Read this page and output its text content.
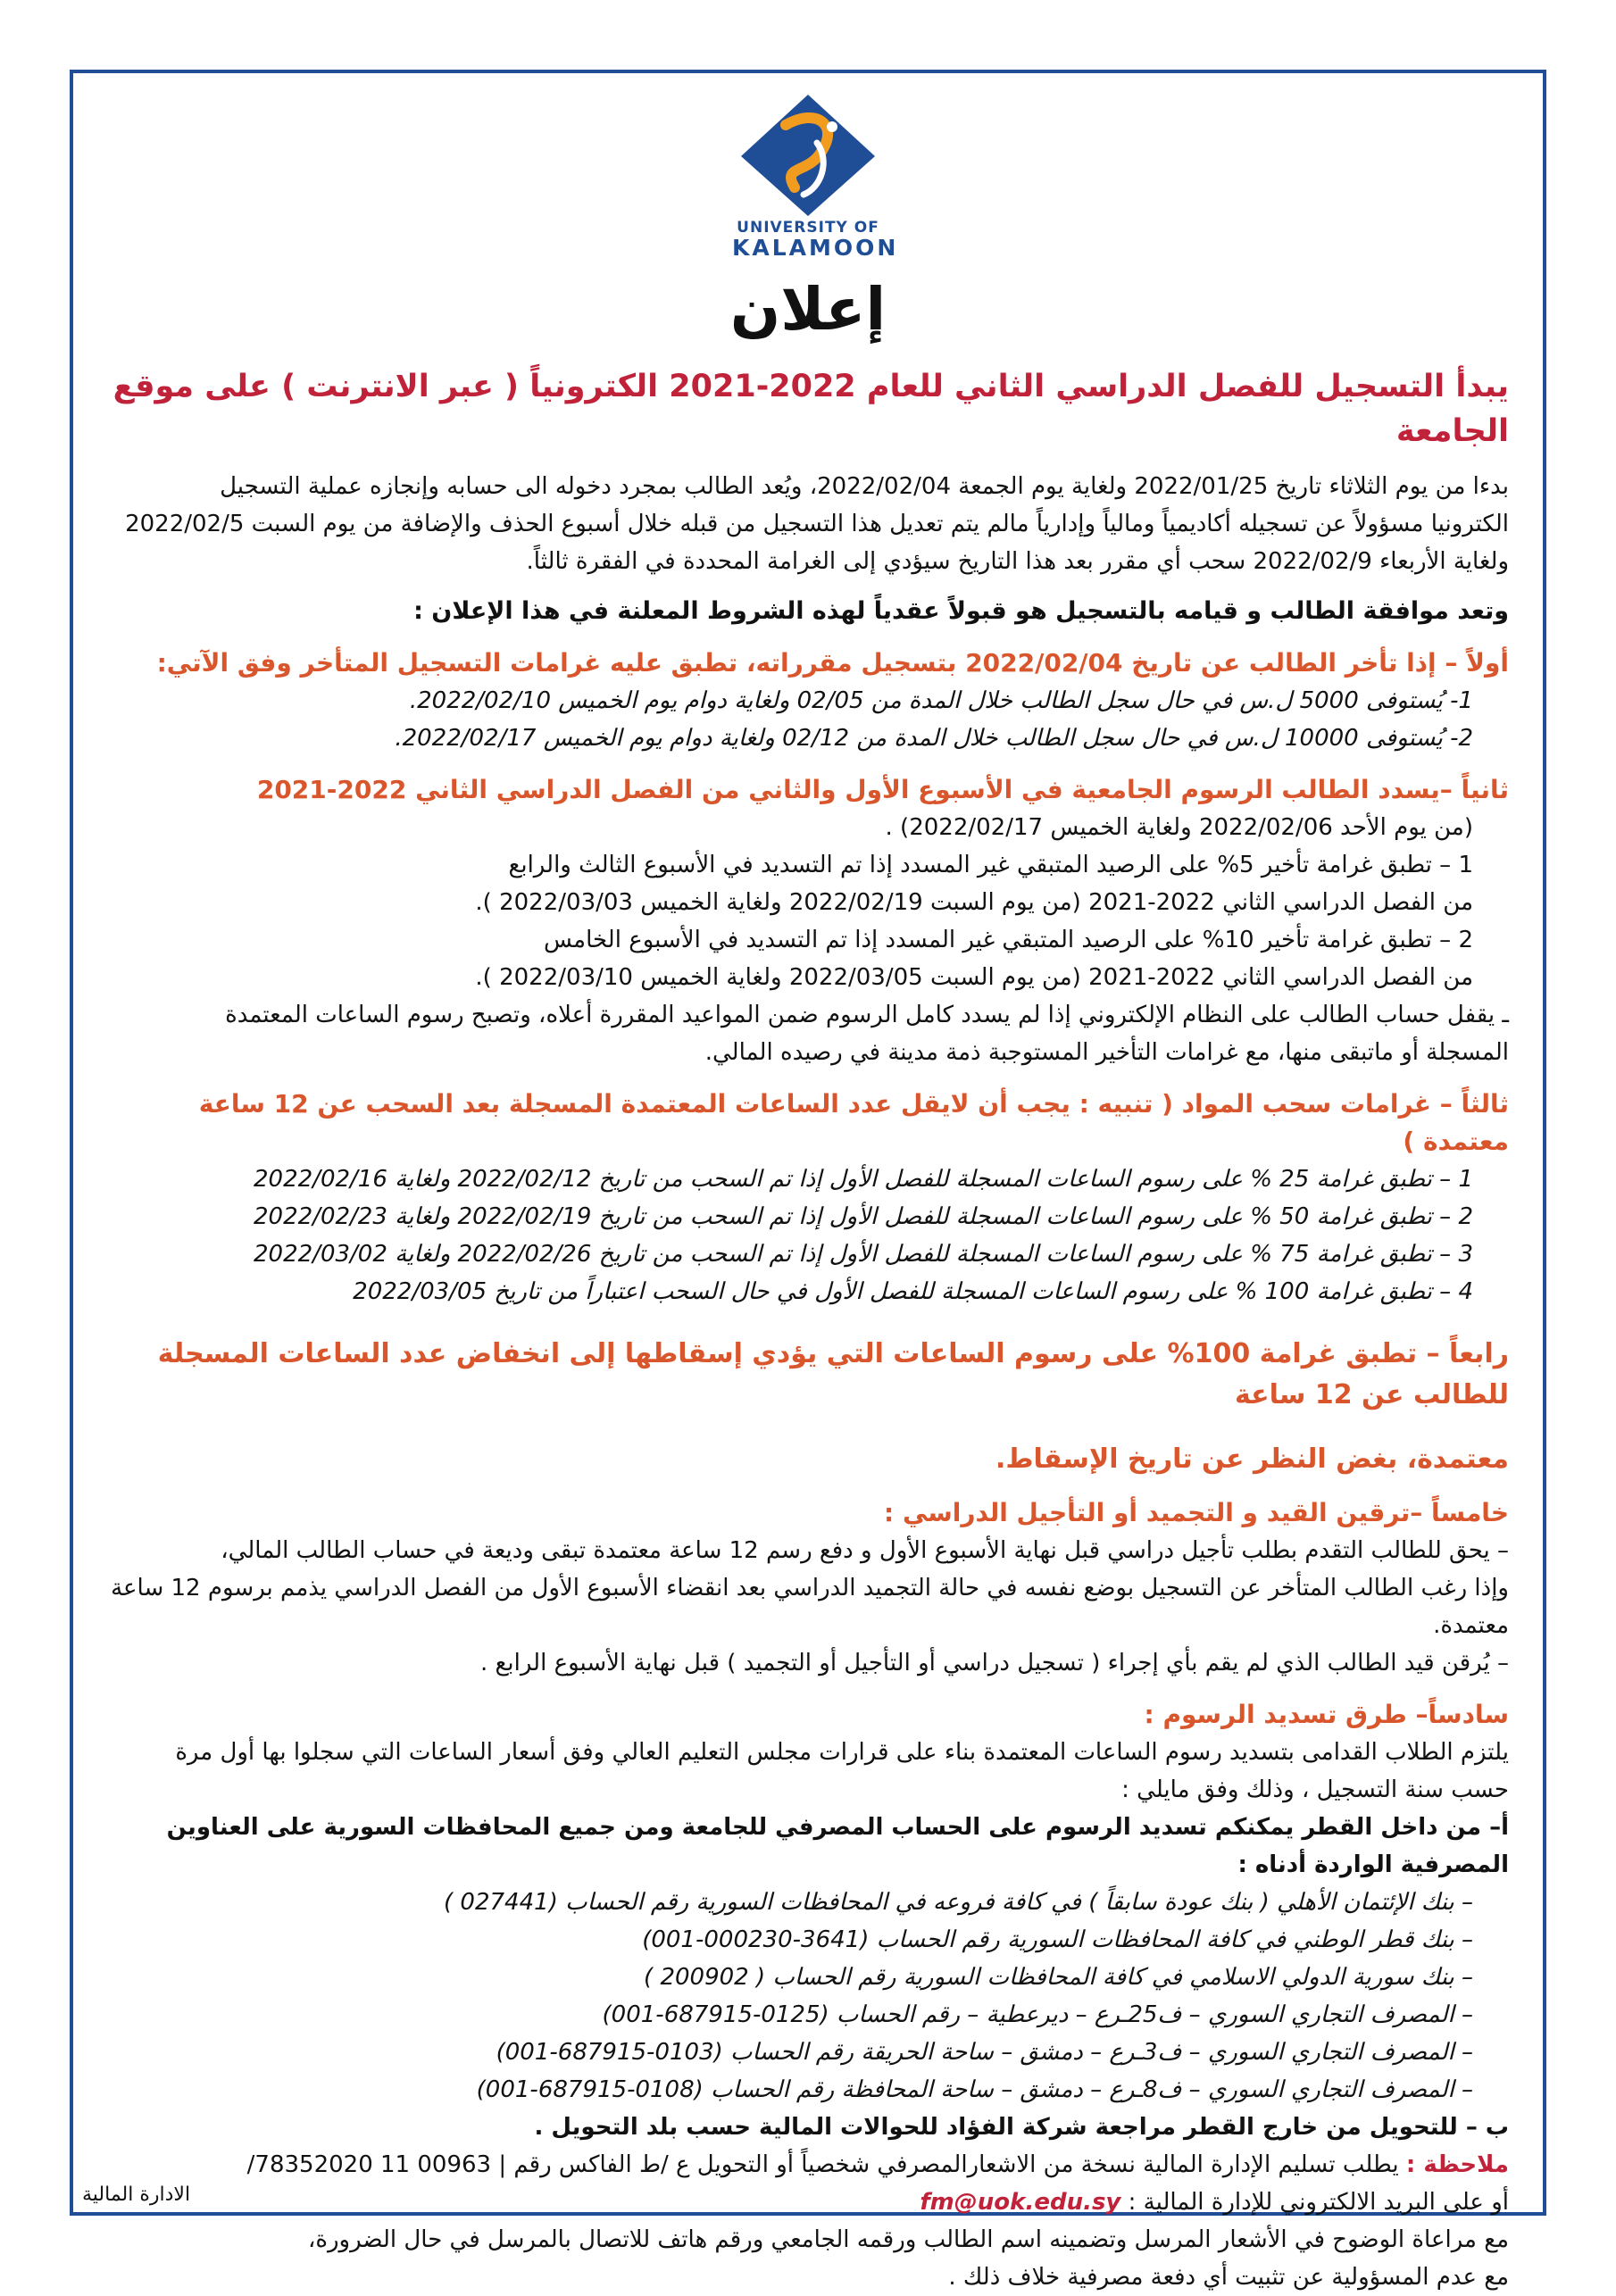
UNIVERSITY OF
KALAMOON
إعلان

يبدأ التسجيل للفصل الدراسي الثاني للعام 2022-2021 الكترونياً ( عبر الانترنت ) على موقع الجامعة

بدءا من يوم الثلاثاء تاريخ 2022/01/25 ولغاية يوم الجمعة 2022/02/04، ويُعد الطالب بمجرد دخوله الى حسابه وإنجازه عملية التسجيل

الكترونيا مسؤولاً عن تسجيله أكاديمياً ومالياً وإدارياً مالم يتم تعديل هذا التسجيل من قبله خلال أسبوع الحذف والإضافة من يوم السبت 2022/02/5

ولغاية الأربعاء 2022/02/9 سحب أي مقرر بعد هذا التاريخ سيؤدي إلى الغرامة المحددة في الفقرة ثالثاً.

وتعد موافقة الطالب و قيامه بالتسجيل هو قبولاً عقدياً لهذه الشروط المعلنة في هذا الإعلان :

أولاً – إذا تأخر الطالب عن تاريخ 2022/02/04 بتسجيل مقرراته، تطبق عليه غرامات التسجيل المتأخر وفق الآتي:

1- يُستوفى 5000 ل.س في حال سجل الطالب خلال المدة من 02/05 ولغاية دوام يوم الخميس 2022/02/10.

2- يُستوفى 10000 ل.س في حال سجل الطالب خلال المدة من 02/12 ولغاية دوام يوم الخميس 2022/02/17.

ثانياً –يسدد الطالب الرسوم الجامعية في الأسبوع الأول والثاني من الفصل الدراسي الثاني 2022-2021

(من يوم الأحد 2022/02/06 ولغاية الخميس 2022/02/17) .

1 – تطبق غرامة تأخير 5% على الرصيد المتبقي غير المسدد إذا تم التسديد في الأسبوع الثالث والرابع

من الفصل الدراسي الثاني 2022-2021 (من يوم السبت 2022/02/19 ولغاية الخميس 2022/03/03 ).

2 – تطبق غرامة تأخير 10% على الرصيد المتبقي غير المسدد إذا تم التسديد في الأسبوع الخامس

من الفصل الدراسي الثاني 2022-2021 (من يوم السبت 2022/03/05 ولغاية الخميس 2022/03/10 ).

ـ يقفل حساب الطالب على النظام الإلكتروني إذا لم يسدد كامل الرسوم ضمن المواعيد المقررة أعلاه، وتصبح رسوم الساعات المعتمدة

المسجلة أو ماتبقى منها، مع غرامات التأخير المستوجبة ذمة مدينة في رصيده المالي.

ثالثاً – غرامات سحب المواد ( تنبيه : يجب أن لايقل عدد الساعات المعتمدة المسجلة بعد السحب عن 12 ساعة معتمدة )

1 – تطبق غرامة 25 % على رسوم الساعات المسجلة للفصل الأول إذا تم السحب من تاريخ 2022/02/12 ولغاية 2022/02/16

2 – تطبق غرامة 50 % على رسوم الساعات المسجلة للفصل الأول إذا تم السحب من تاريخ 2022/02/19 ولغاية 2022/02/23

3 – تطبق غرامة 75 % على رسوم الساعات المسجلة للفصل الأول إذا تم السحب من تاريخ 2022/02/26 ولغاية 2022/03/02

4 – تطبق غرامة 100 % على رسوم الساعات المسجلة للفصل الأول في حال السحب اعتباراً من تاريخ 2022/03/05

رابعاً – تطبق غرامة 100% على رسوم الساعات التي يؤدي إسقاطها إلى انخفاض عدد الساعات المسجلة للطالب عن 12 ساعة

معتمدة، بغض النظر عن تاريخ الإسقاط.

خامساً –ترقين القيد و التجميد أو التأجيل الدراسي :

– يحق للطالب التقدم بطلب تأجيل دراسي قبل نهاية الأسبوع الأول و دفع رسم 12 ساعة معتمدة تبقى وديعة في حساب الطالب المالي،

وإذا رغب الطالب المتأخر عن التسجيل بوضع نفسه في حالة التجميد الدراسي بعد انقضاء الأسبوع الأول من الفصل الدراسي يذمم برسوم 12 ساعة

معتمدة.

– يُرقن قيد الطالب الذي لم يقم بأي إجراء ( تسجيل دراسي أو التأجيل أو التجميد ) قبل نهاية الأسبوع الرابع .

سادساً– طرق تسديد الرسوم :

يلتزم الطلاب القدامى بتسديد رسوم الساعات المعتمدة بناء على قرارات مجلس التعليم العالي وفق أسعار الساعات التي سجلوا بها أول مرة

حسب سنة التسجيل ، وذلك وفق مايلي :

أ– من داخل القطر يمكنكم تسديد الرسوم على الحساب المصرفي للجامعة ومن جميع المحافظات السورية على العناوين المصرفية الواردة أدناه :

– بنك الإئتمان الأهلي ( بنك عودة سابقاً ) في كافة فروعه في المحافظات السورية رقم الحساب (027441 )

– بنك قطر الوطني في كافة المحافظات السورية رقم الحساب (3641-000230-001)

– بنك سورية الدولي الاسلامي في كافة المحافظات السورية رقم الحساب ( 200902 )

– المصرف التجاري السوري – ف25ـرع – ديرعطية – رقم الحساب (0125-687915-001)

– المصرف التجاري السوري – ف3ـرع – دمشق – ساحة الحريقة رقم الحساب (0103-687915-001)

– المصرف التجاري السوري – ف8ـرع – دمشق – ساحة المحافظة رقم الحساب (0108-687915-001)

ب – للتحويل من خارج القطر مراجعة شركة الفؤاد للحوالات المالية حسب بلد التحويل .

ملاحظة : يطلب تسليم الإدارة المالية نسخة من الاشعارالمصرفي شخصياً أو التحويل ع /ط الفاكس رقم | 00963 11 78352020/

أو على البريد الالكتروني للإدارة المالية : fm@uok.edu.sy

مع مراعاة الوضوح في الأشعار المرسل وتضمينه اسم الطالب ورقمه الجامعي ورقم هاتف للاتصال بالمرسل في حال الضرورة،

مع عدم المسؤولية عن تثبيت أي دفعة مصرفية خلاف ذلك .

الادارة المالية
